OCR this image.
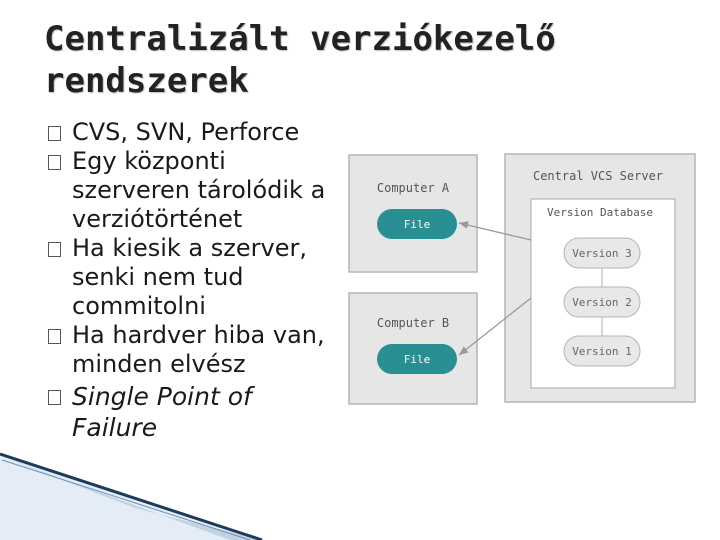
Centralizált verziókezelő
rendszerek
CVS, SVN, Perforce
Egy központi szerveren tárolódik a verziótörténet
Ha kiesik a szerver, senki nem tud commitolni
Ha hardver hiba van, minden elvész
Single Point of Failure
Computer A
File
Computer B
File
Central VCS Server
Version Database
Version 3
Version 2
Version 1
